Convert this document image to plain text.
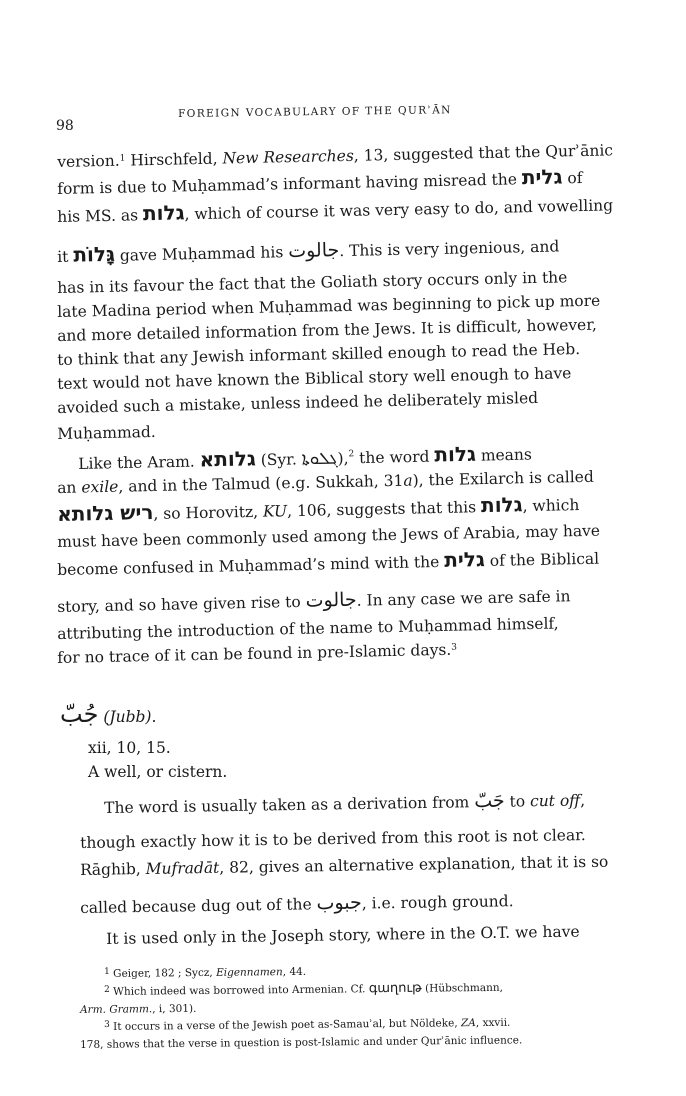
98
FOREIGN VOCABULARY OF THE QURʾĀN
version.$^1$ Hirschfeld, New Researches, 13, suggested that the Qurʾānic
form is due to Muḥammad’s informant having misread the גלית of
his MS. as גלות, which of course it was very easy to do, and vowelling
it גָּלוֺת gave Muḥammad his جالوت. This is very ingenious, and
has in its favour the fact that the Goliath story occurs only in the
late Madina period when Muḥammad was beginning to pick up more
and more detailed information from the Jews. It is difficult, however,
to think that any Jewish informant skilled enough to read the Heb.
text would not have known the Biblical story well enough to have
avoided such a mistake, unless indeed he deliberately misled
Muḥammad.
Like the Aram. גלותא (Syr. ܓܠܘܬܐ),$^2$ the word גלות means
an exile, and in the Talmud (e.g. Sukkah, 31a), the Exilarch is called
ריש גלותא, so Horovitz, KU, 106, suggests that this גלות, which
must have been commonly used among the Jews of Arabia, may have
become confused in Muḥammad’s mind with the גלית of the Biblical
story, and so have given rise to جالوت. In any case we are safe in
attributing the introduction of the name to Muḥammad himself,
for no trace of it can be found in pre-Islamic days.$^3$
جُبّ (Jubb).
xii, 10, 15.
A well, or cistern.
The word is usually taken as a derivation from جَبّ to cut off,
though exactly how it is to be derived from this root is not clear.
Rāghib, Mufradāt, 82, gives an alternative explanation, that it is so
called because dug out of the جبوب, i.e. rough ground.
It is used only in the Joseph story, where in the O.T. we have
$^1$ Geiger, 182 ; Sycz, Eigennamen, 44.
$^2$ Which indeed was borrowed into Armenian. Cf. գաղութ (Hübschmann,
Arm. Gramm., i, 301).
$^3$ It occurs in a verse of the Jewish poet as-Samauʾal, but Nöldeke, ZA, xxvii.
178, shows that the verse in question is post-Islamic and under Qurʾānic influence.
